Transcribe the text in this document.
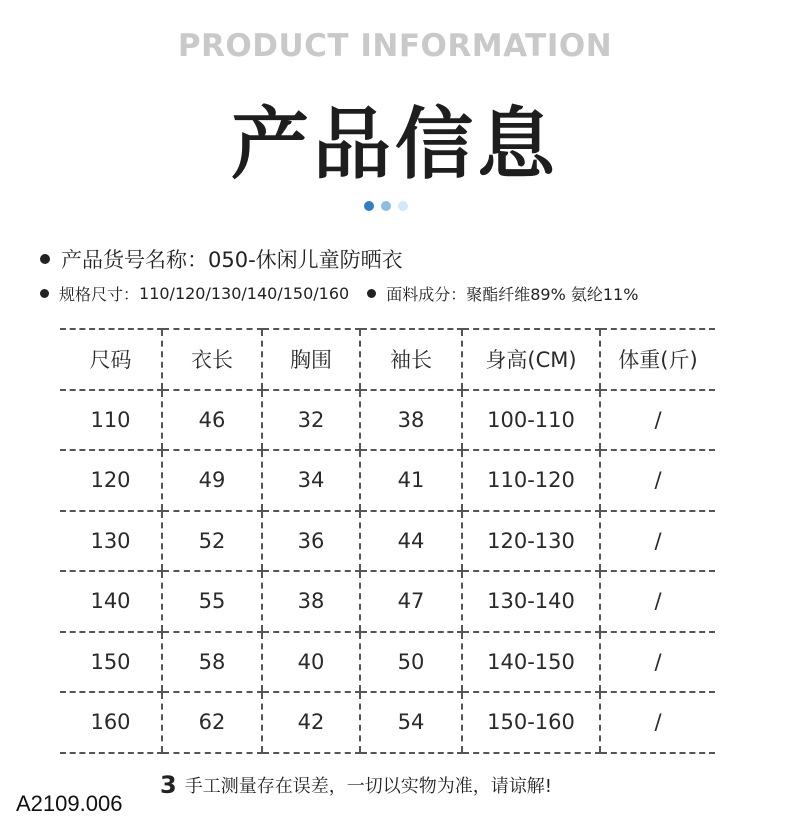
PRODUCT INFORMATION
产品信息
产品货号名称： 050-休闲儿童防晒衣
规格尺寸： 110/120/130/140/150/160 面料成分： 聚酯纤维89% 氨纶11%
尺码	衣长	胸围	袖长	身高(CM)	体重(斤)
110	46	32	38	100-110	/
120	49	34	41	110-120	/
130	52	36	44	120-130	/
140	55	38	47	130-140	/
150	58	40	50	140-150	/
160	62	42	54	150-160	/
3 手工测量存在误差，一切以实物为准，请谅解!
A2109.006
